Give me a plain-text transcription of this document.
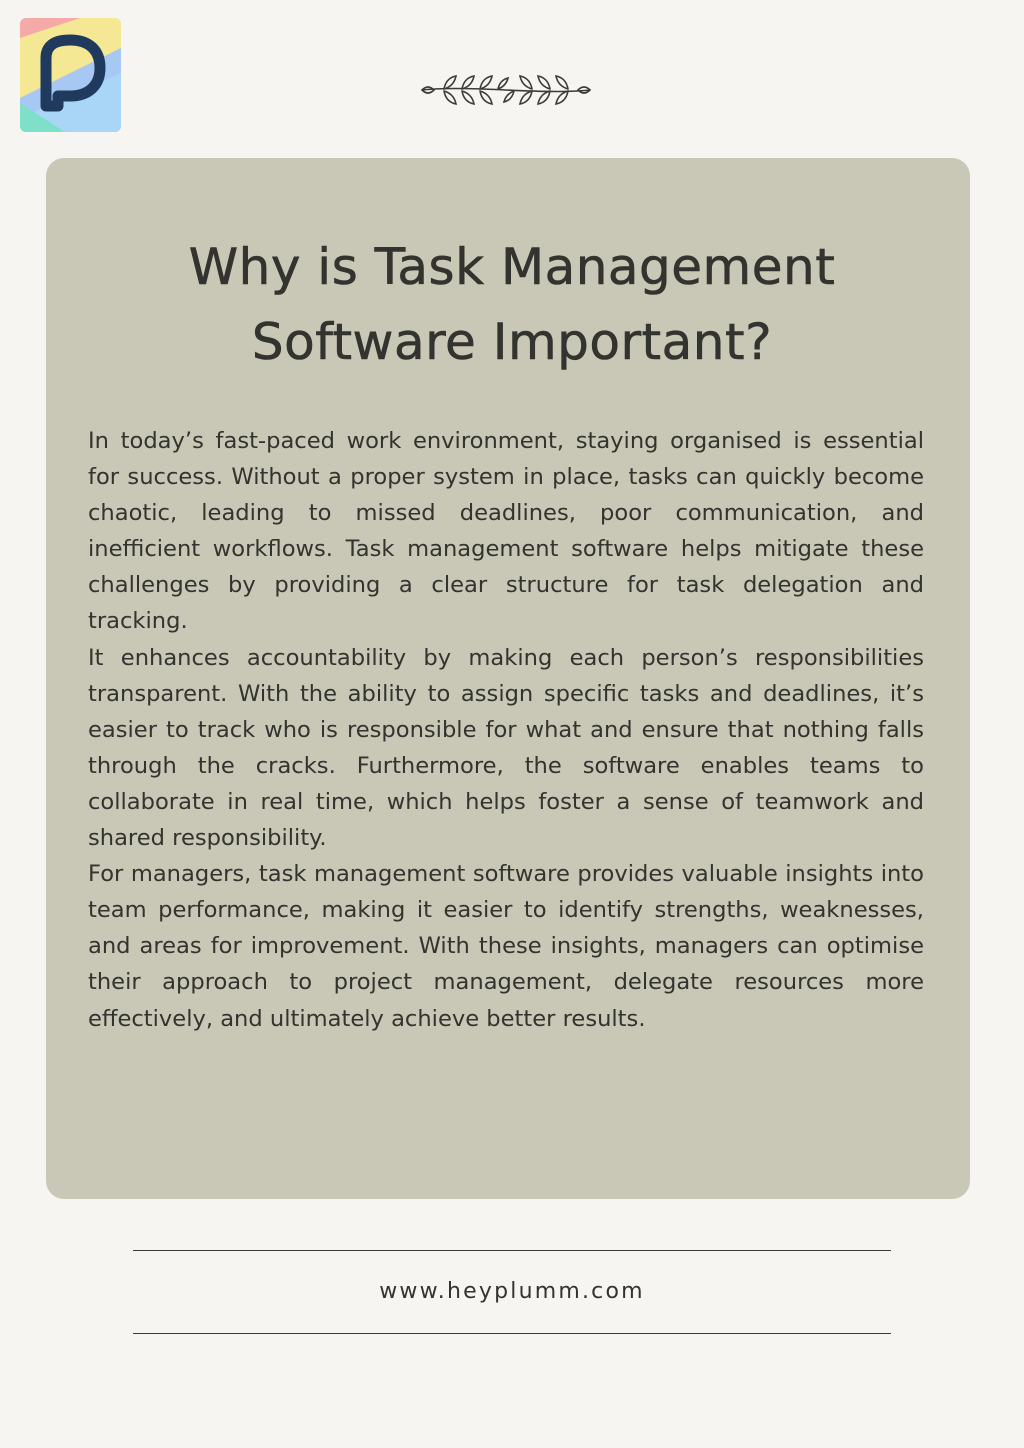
Why is Task Management
Software Important?

In today’s fast-paced work environment, staying organised is essential for success. Without a proper system in place, tasks can quickly become chaotic, leading to missed deadlines, poor communication, and inefficient workflows. Task management software helps mitigate these challenges by providing a clear structure for task delegation and tracking.

It enhances accountability by making each person’s responsibilities transparent. With the ability to assign specific tasks and deadlines, it’s easier to track who is responsible for what and ensure that nothing falls through the cracks. Furthermore, the software enables teams to collaborate in real time, which helps foster a sense of teamwork and shared responsibility.

For managers, task management software provides valuable insights into team performance, making it easier to identify strengths, weaknesses, and areas for improvement. With these insights, managers can optimise their approach to project management, delegate resources more effectively, and ultimately achieve better results.

www.heyplumm.com
